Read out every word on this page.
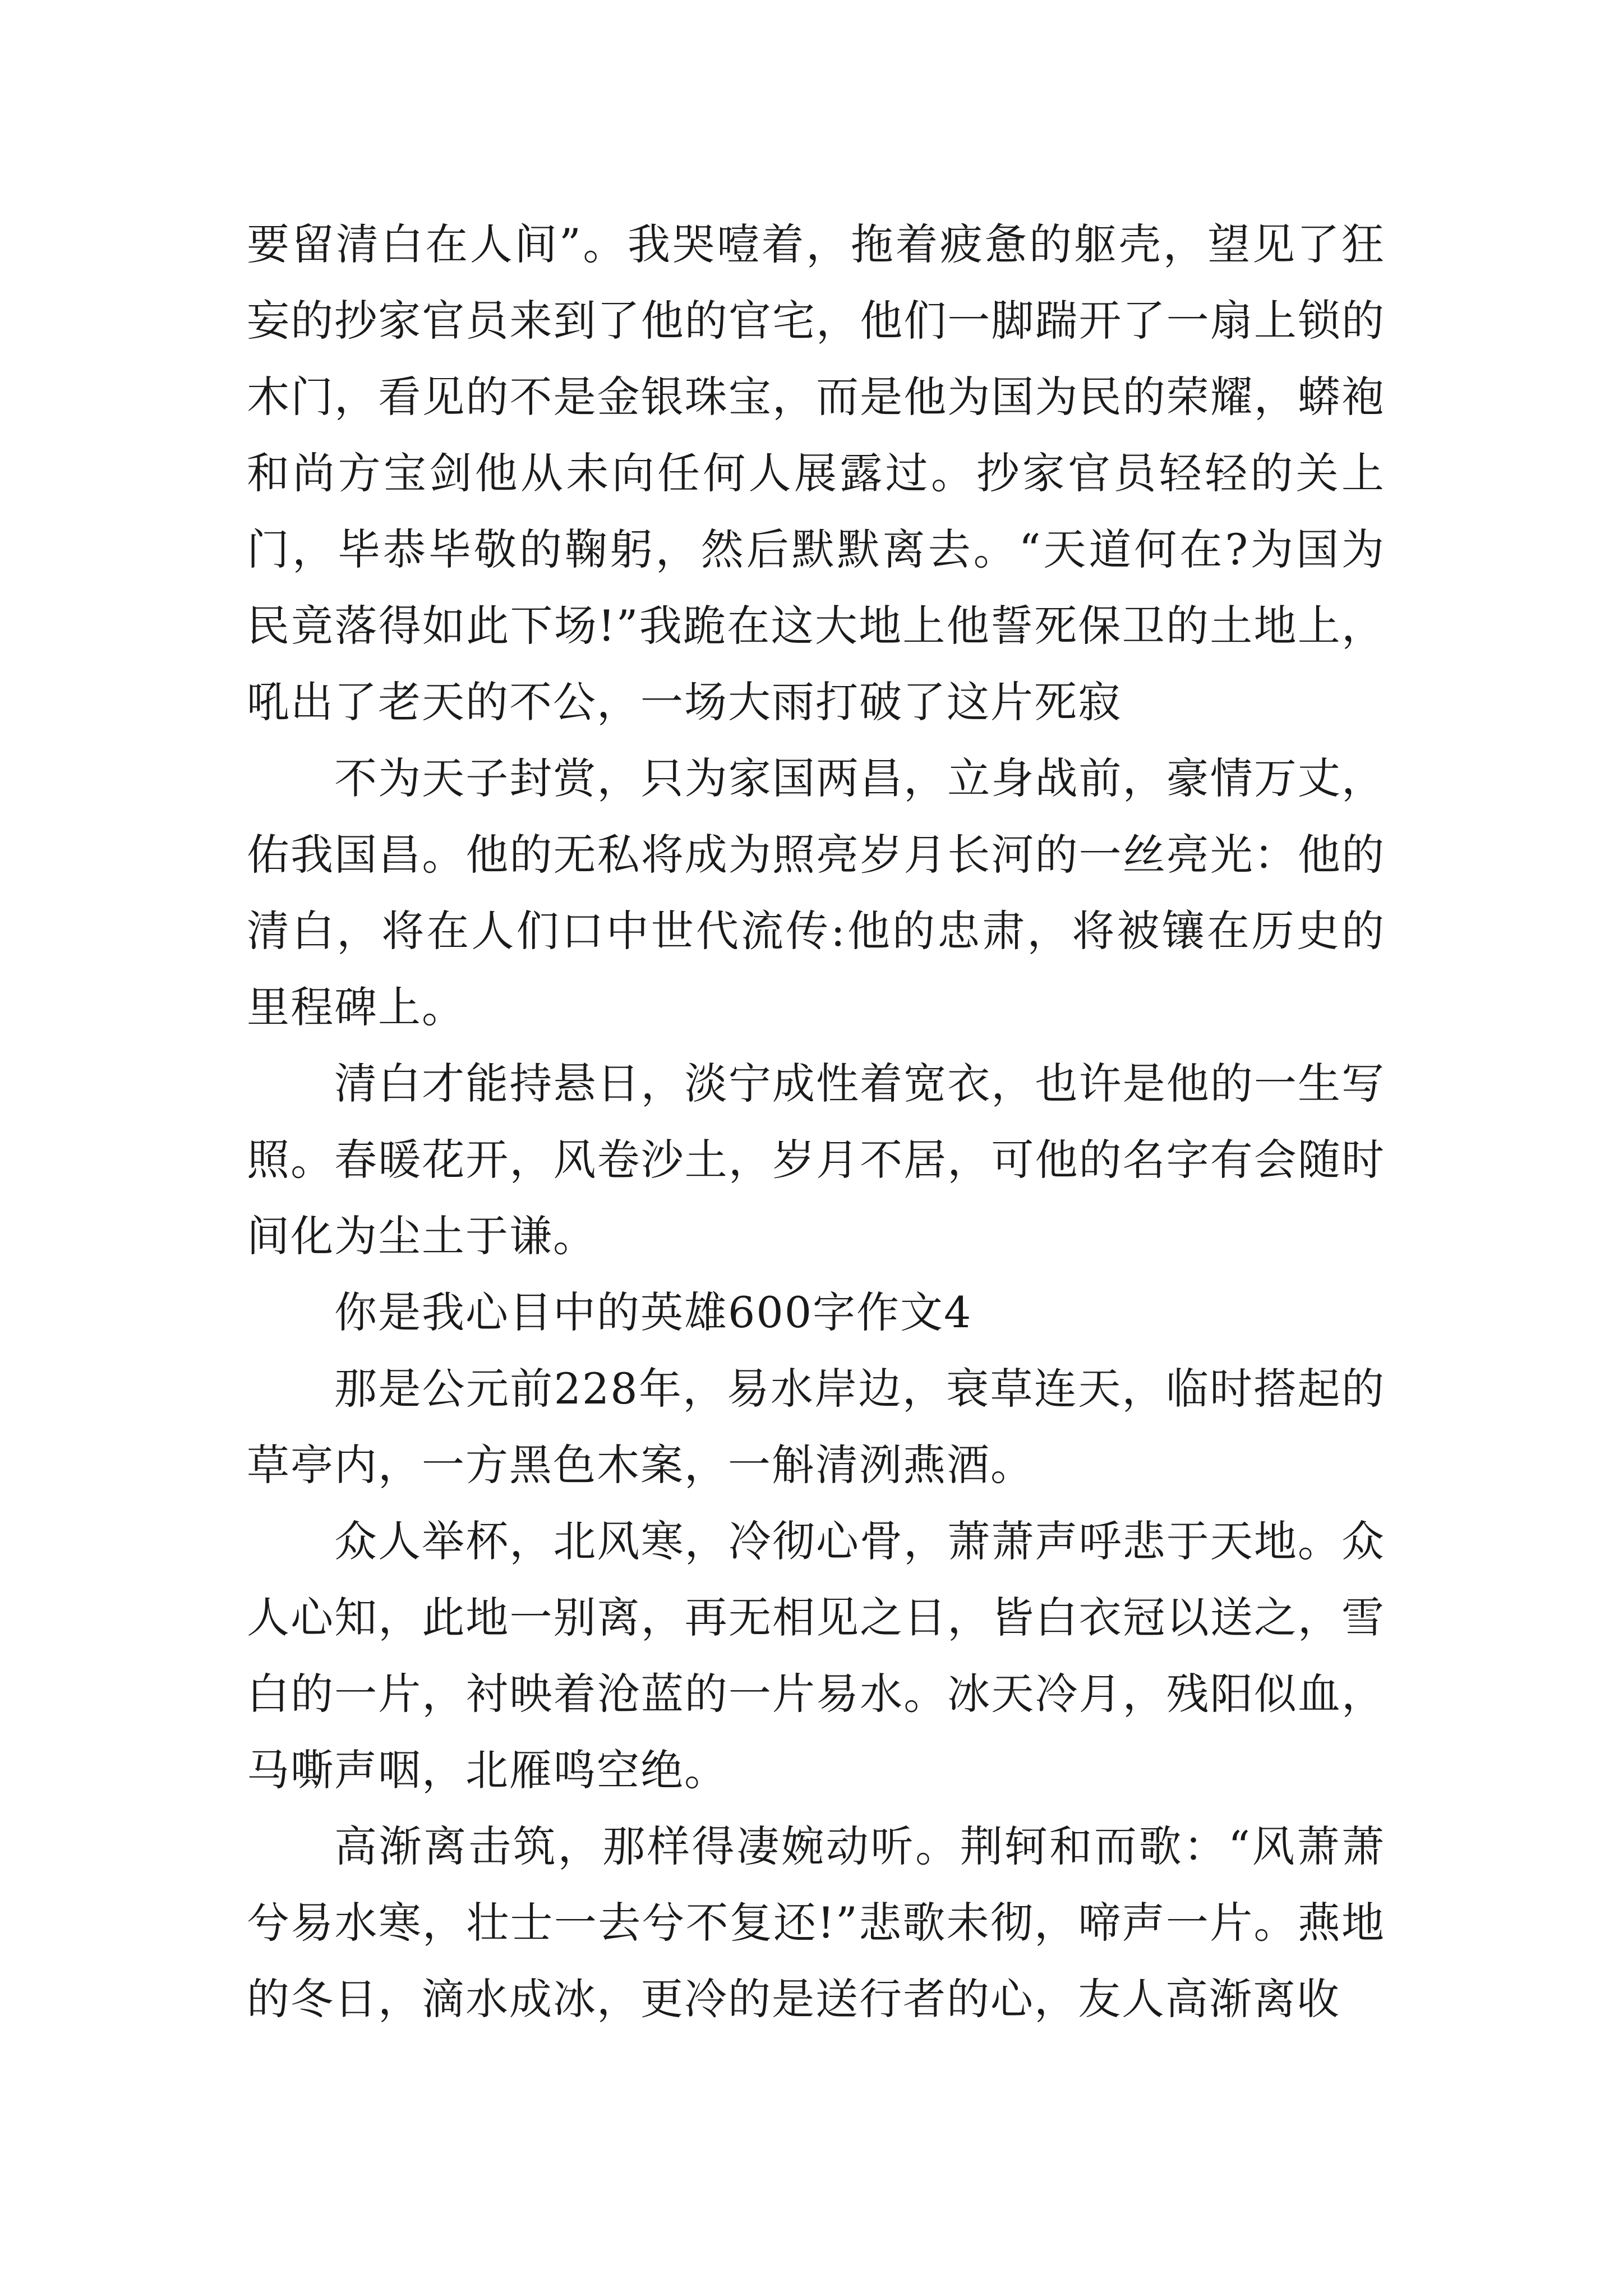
要留清白在人间”。我哭噎着，拖着疲惫的躯壳，望见了狂妄的抄家官员来到了他的官宅，他们一脚踹开了一扇上锁的木门，看见的不是金银珠宝，而是他为国为民的荣耀，蟒袍和尚方宝剑他从未向任何人展露过。抄家官员轻轻的关上门，毕恭毕敬的鞠躬，然后默默离去。“天道何在?为国为民竟落得如此下场!”我跪在这大地上他誓死保卫的土地上，吼出了老天的不公，一场大雨打破了这片死寂

不为天子封赏，只为家国两昌，立身战前，豪情万丈，佑我国昌。他的无私将成为照亮岁月长河的一丝亮光：他的清白，将在人们口中世代流传:他的忠肃，将被镶在历史的里程碑上。

清白才能持悬日，淡宁成性着宽衣，也许是他的一生写照。春暖花开，风卷沙土，岁月不居，可他的名字有会随时间化为尘土于谦。

你是我心目中的英雄600字作文4

那是公元前228年，易水岸边，衰草连天，临时搭起的草亭内，一方黑色木案，一斛清洌燕酒。

众人举杯，北风寒，冷彻心骨，萧萧声呼悲于天地。众人心知，此地一别离，再无相见之日，皆白衣冠以送之，雪白的一片，衬映着沧蓝的一片易水。冰天冷月，残阳似血，马嘶声咽，北雁鸣空绝。

高渐离击筑，那样得凄婉动听。荆轲和而歌：“风萧萧兮易水寒，壮士一去兮不复还!”悲歌未彻，啼声一片。燕地的冬日，滴水成冰，更冷的是送行者的心，友人高渐离收
